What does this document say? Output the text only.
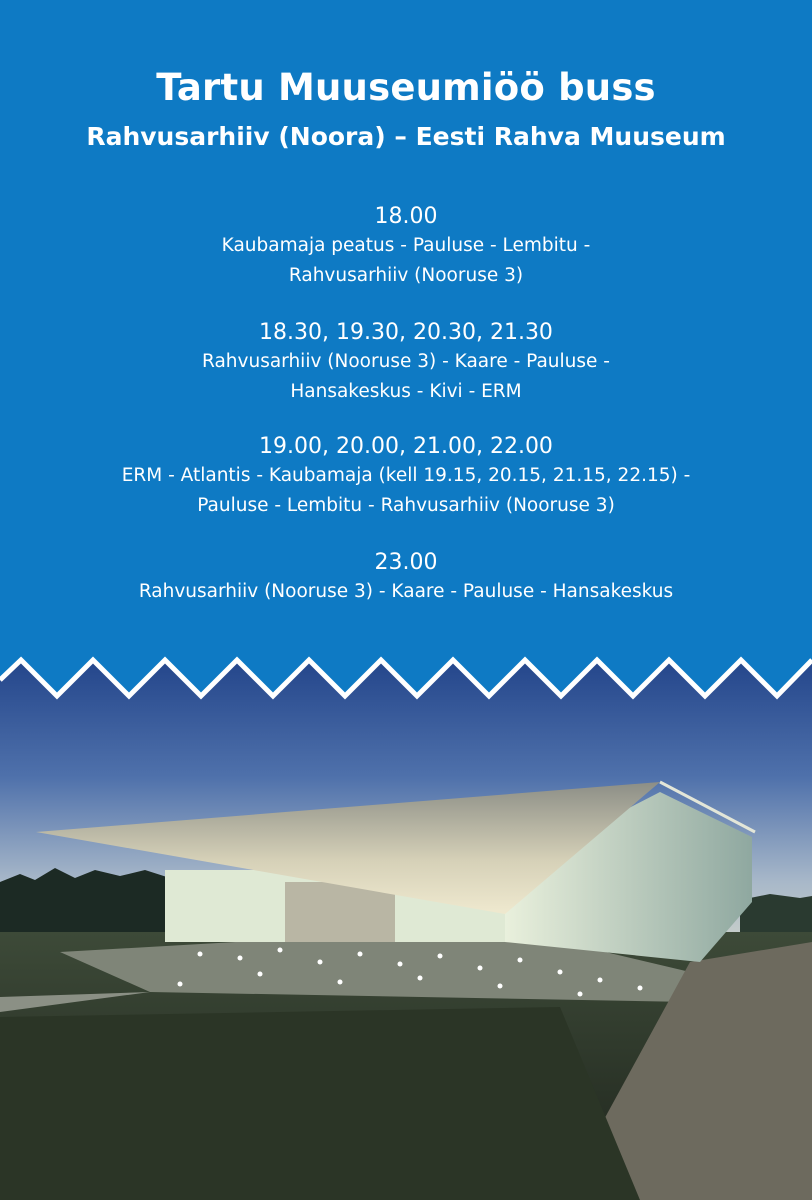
Tartu Muuseumiöö buss
Rahvusarhiiv (Noora) – Eesti Rahva Muuseum
18.00
Kaubamaja peatus - Pauluse - Lembitu -
Rahvusarhiiv (Nooruse 3)
18.30, 19.30, 20.30, 21.30
Rahvusarhiiv (Nooruse 3) - Kaare - Pauluse -
Hansakeskus - Kivi - ERM
19.00, 20.00, 21.00, 22.00
ERM - Atlantis - Kaubamaja (kell 19.15, 20.15, 21.15, 22.15) -
Pauluse - Lembitu - Rahvusarhiiv (Nooruse 3)
23.00
Rahvusarhiiv (Nooruse 3) - Kaare - Pauluse - Hansakeskus
